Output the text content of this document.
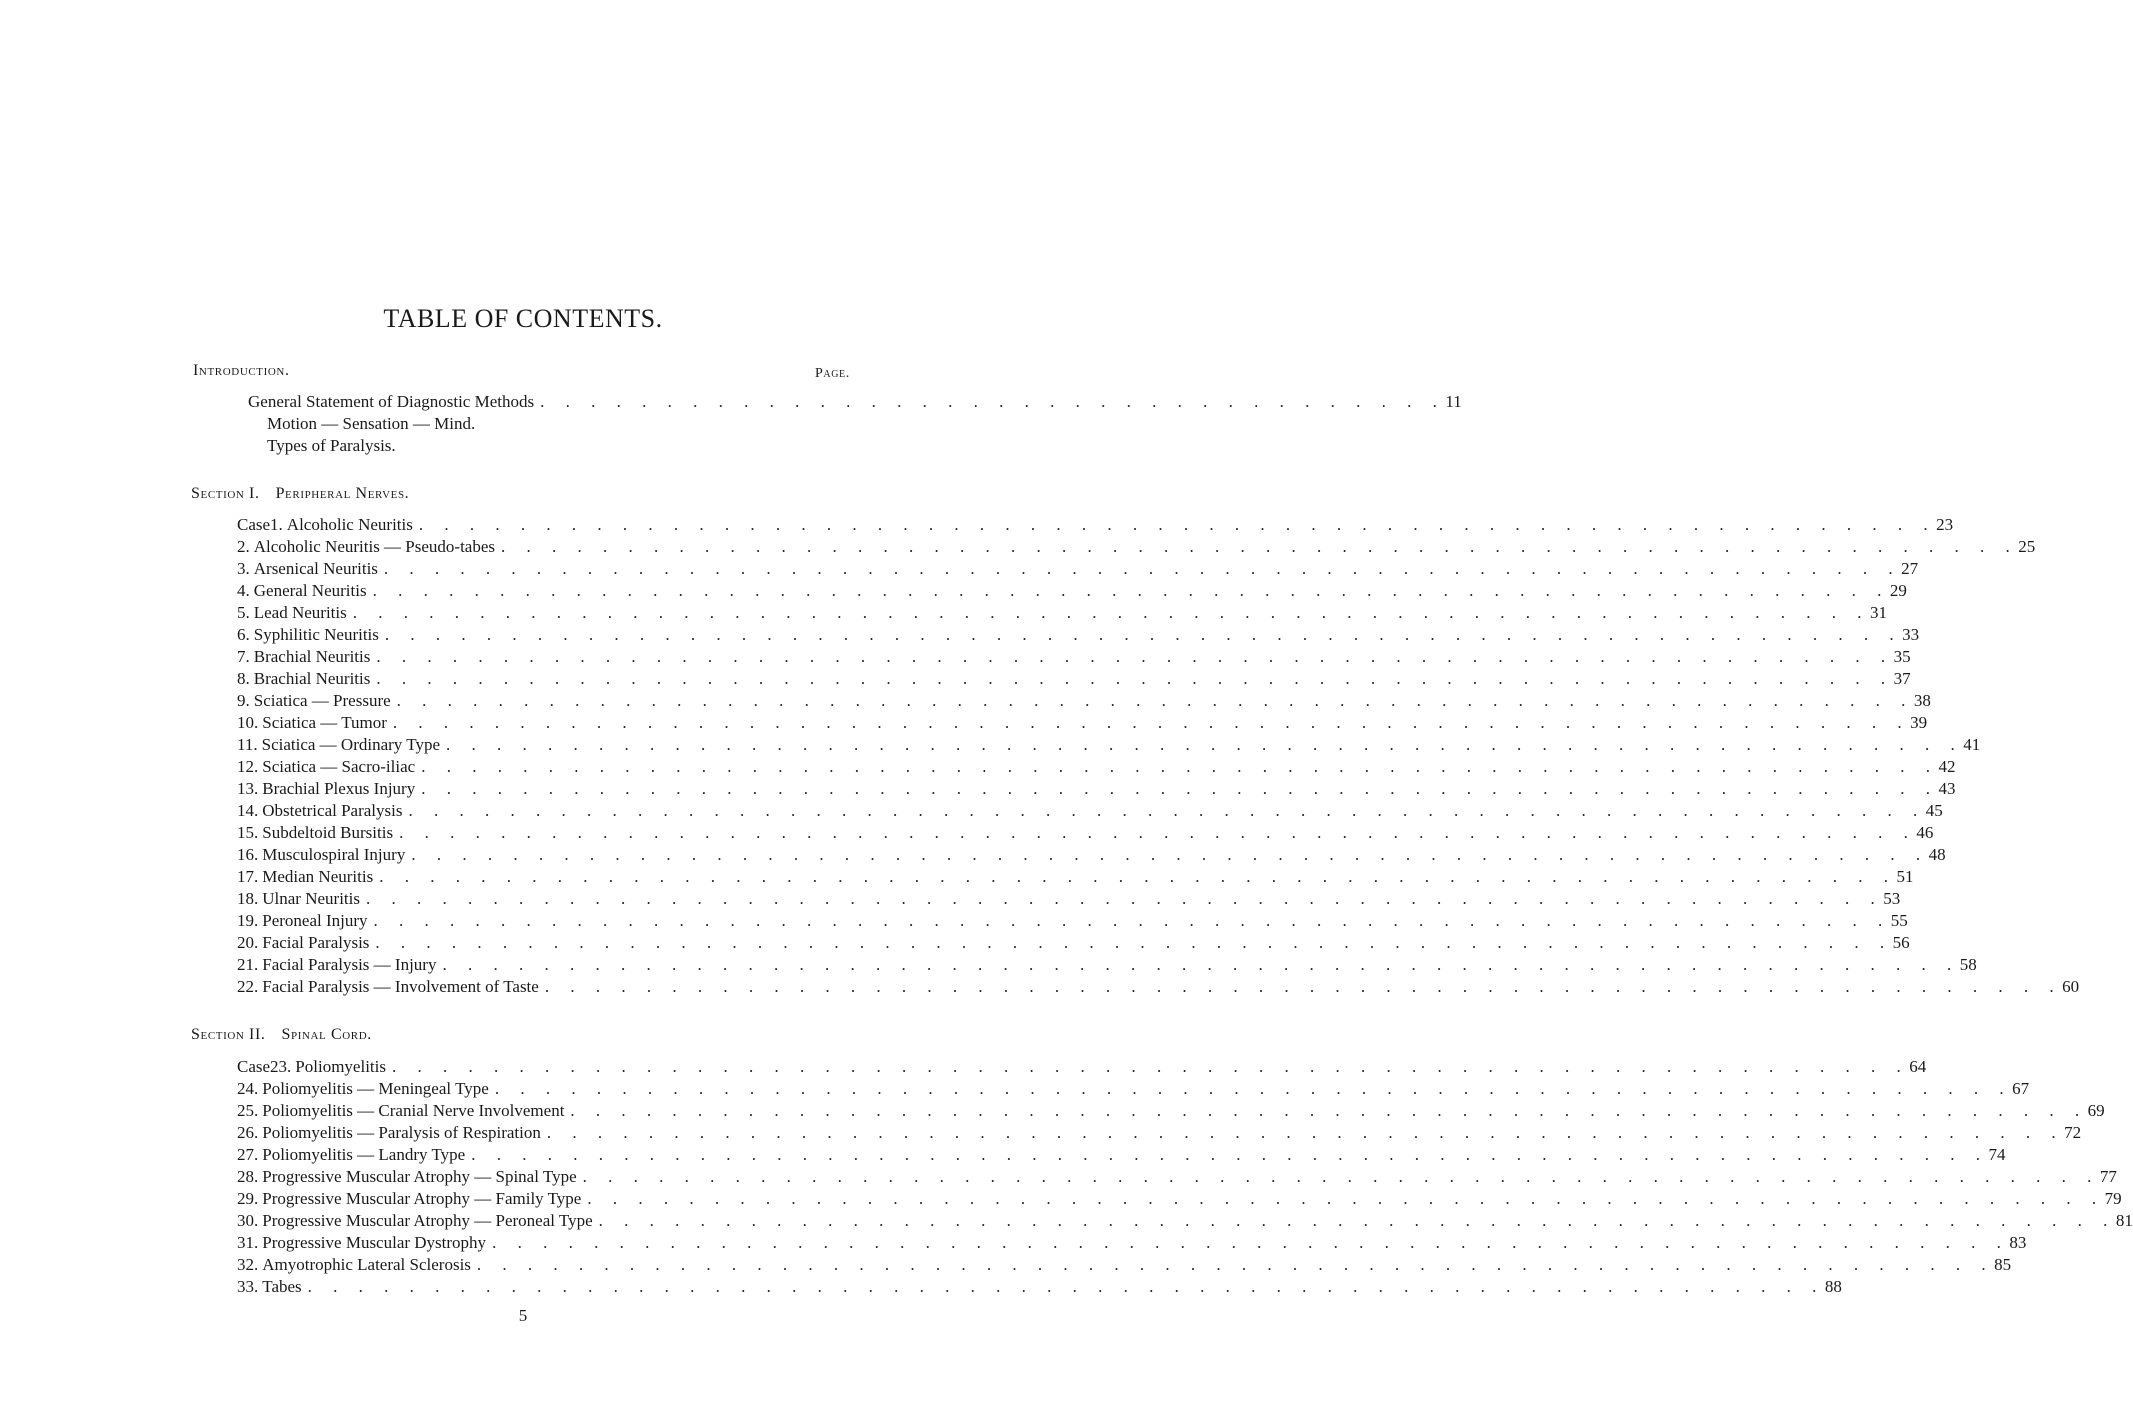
TABLE OF CONTENTS.
Introduction.	Page.
General Statement of Diagnostic Methods . . . . . . . . . . . . . . . . . . . . . . . . . . . . . . . . . . . . 11
Motion — Sensation — Mind.
Types of Paralysis.
Section I. Peripheral Nerves.
Case 1. Alcoholic Neuritis . . . . . . . . . . . . . . . . . . . . . . . . . . . . . . . . . . . . . . . . . . . . . . . . . . . . . . . . . . . . 23
2. Alcoholic Neuritis — Pseudo-tabes . . . . . . . . . . . . . . . . . . . . . . . . . . . . . . . . . . . . . . . . . . . . . . . . . . . . . . . . . . . . 25
3. Arsenical Neuritis . . . . . . . . . . . . . . . . . . . . . . . . . . . . . . . . . . . . . . . . . . . . . . . . . . . . . . . . . . . . 27
4. General Neuritis . . . . . . . . . . . . . . . . . . . . . . . . . . . . . . . . . . . . . . . . . . . . . . . . . . . . . . . . . . . . 29
5. Lead Neuritis . . . . . . . . . . . . . . . . . . . . . . . . . . . . . . . . . . . . . . . . . . . . . . . . . . . . . . . . . . . . 31
6. Syphilitic Neuritis . . . . . . . . . . . . . . . . . . . . . . . . . . . . . . . . . . . . . . . . . . . . . . . . . . . . . . . . . . . . 33
7. Brachial Neuritis . . . . . . . . . . . . . . . . . . . . . . . . . . . . . . . . . . . . . . . . . . . . . . . . . . . . . . . . . . . . 35
8. Brachial Neuritis . . . . . . . . . . . . . . . . . . . . . . . . . . . . . . . . . . . . . . . . . . . . . . . . . . . . . . . . . . . . 37
9. Sciatica — Pressure . . . . . . . . . . . . . . . . . . . . . . . . . . . . . . . . . . . . . . . . . . . . . . . . . . . . . . . . . . . . 38
10. Sciatica — Tumor . . . . . . . . . . . . . . . . . . . . . . . . . . . . . . . . . . . . . . . . . . . . . . . . . . . . . . . . . . . . 39
11. Sciatica — Ordinary Type . . . . . . . . . . . . . . . . . . . . . . . . . . . . . . . . . . . . . . . . . . . . . . . . . . . . . . . . . . . . 41
12. Sciatica — Sacro-iliac . . . . . . . . . . . . . . . . . . . . . . . . . . . . . . . . . . . . . . . . . . . . . . . . . . . . . . . . . . . . 42
13. Brachial Plexus Injury . . . . . . . . . . . . . . . . . . . . . . . . . . . . . . . . . . . . . . . . . . . . . . . . . . . . . . . . . . . . 43
14. Obstetrical Paralysis . . . . . . . . . . . . . . . . . . . . . . . . . . . . . . . . . . . . . . . . . . . . . . . . . . . . . . . . . . . . 45
15. Subdeltoid Bursitis . . . . . . . . . . . . . . . . . . . . . . . . . . . . . . . . . . . . . . . . . . . . . . . . . . . . . . . . . . . . 46
16. Musculospiral Injury . . . . . . . . . . . . . . . . . . . . . . . . . . . . . . . . . . . . . . . . . . . . . . . . . . . . . . . . . . . . 48
17. Median Neuritis . . . . . . . . . . . . . . . . . . . . . . . . . . . . . . . . . . . . . . . . . . . . . . . . . . . . . . . . . . . . 51
18. Ulnar Neuritis . . . . . . . . . . . . . . . . . . . . . . . . . . . . . . . . . . . . . . . . . . . . . . . . . . . . . . . . . . . . 53
19. Peroneal Injury . . . . . . . . . . . . . . . . . . . . . . . . . . . . . . . . . . . . . . . . . . . . . . . . . . . . . . . . . . . . 55
20. Facial Paralysis . . . . . . . . . . . . . . . . . . . . . . . . . . . . . . . . . . . . . . . . . . . . . . . . . . . . . . . . . . . . 56
21. Facial Paralysis — Injury . . . . . . . . . . . . . . . . . . . . . . . . . . . . . . . . . . . . . . . . . . . . . . . . . . . . . . . . . . . . 58
22. Facial Paralysis — Involvement of Taste . . . . . . . . . . . . . . . . . . . . . . . . . . . . . . . . . . . . . . . . . . . . . . . . . . . . . . . . . . . . 60
Section II. Spinal Cord.
Case 23. Poliomyelitis . . . . . . . . . . . . . . . . . . . . . . . . . . . . . . . . . . . . . . . . . . . . . . . . . . . . . . . . . . . . 64
24. Poliomyelitis — Meningeal Type . . . . . . . . . . . . . . . . . . . . . . . . . . . . . . . . . . . . . . . . . . . . . . . . . . . . . . . . . . . . 67
25. Poliomyelitis — Cranial Nerve Involvement . . . . . . . . . . . . . . . . . . . . . . . . . . . . . . . . . . . . . . . . . . . . . . . . . . . . . . . . . . . . 69
26. Poliomyelitis — Paralysis of Respiration . . . . . . . . . . . . . . . . . . . . . . . . . . . . . . . . . . . . . . . . . . . . . . . . . . . . . . . . . . . . 72
27. Poliomyelitis — Landry Type . . . . . . . . . . . . . . . . . . . . . . . . . . . . . . . . . . . . . . . . . . . . . . . . . . . . . . . . . . . . 74
28. Progressive Muscular Atrophy — Spinal Type . . . . . . . . . . . . . . . . . . . . . . . . . . . . . . . . . . . . . . . . . . . . . . . . . . . . . . . . . . . . 77
29. Progressive Muscular Atrophy — Family Type . . . . . . . . . . . . . . . . . . . . . . . . . . . . . . . . . . . . . . . . . . . . . . . . . . . . . . . . . . . . 79
30. Progressive Muscular Atrophy — Peroneal Type . . . . . . . . . . . . . . . . . . . . . . . . . . . . . . . . . . . . . . . . . . . . . . . . . . . . . . . . . . . . 81
31. Progressive Muscular Dystrophy . . . . . . . . . . . . . . . . . . . . . . . . . . . . . . . . . . . . . . . . . . . . . . . . . . . . . . . . . . . . 83
32. Amyotrophic Lateral Sclerosis . . . . . . . . . . . . . . . . . . . . . . . . . . . . . . . . . . . . . . . . . . . . . . . . . . . . . . . . . . . . 85
33. Tabes . . . . . . . . . . . . . . . . . . . . . . . . . . . . . . . . . . . . . . . . . . . . . . . . . . . . . . . . . . . . 88
5
